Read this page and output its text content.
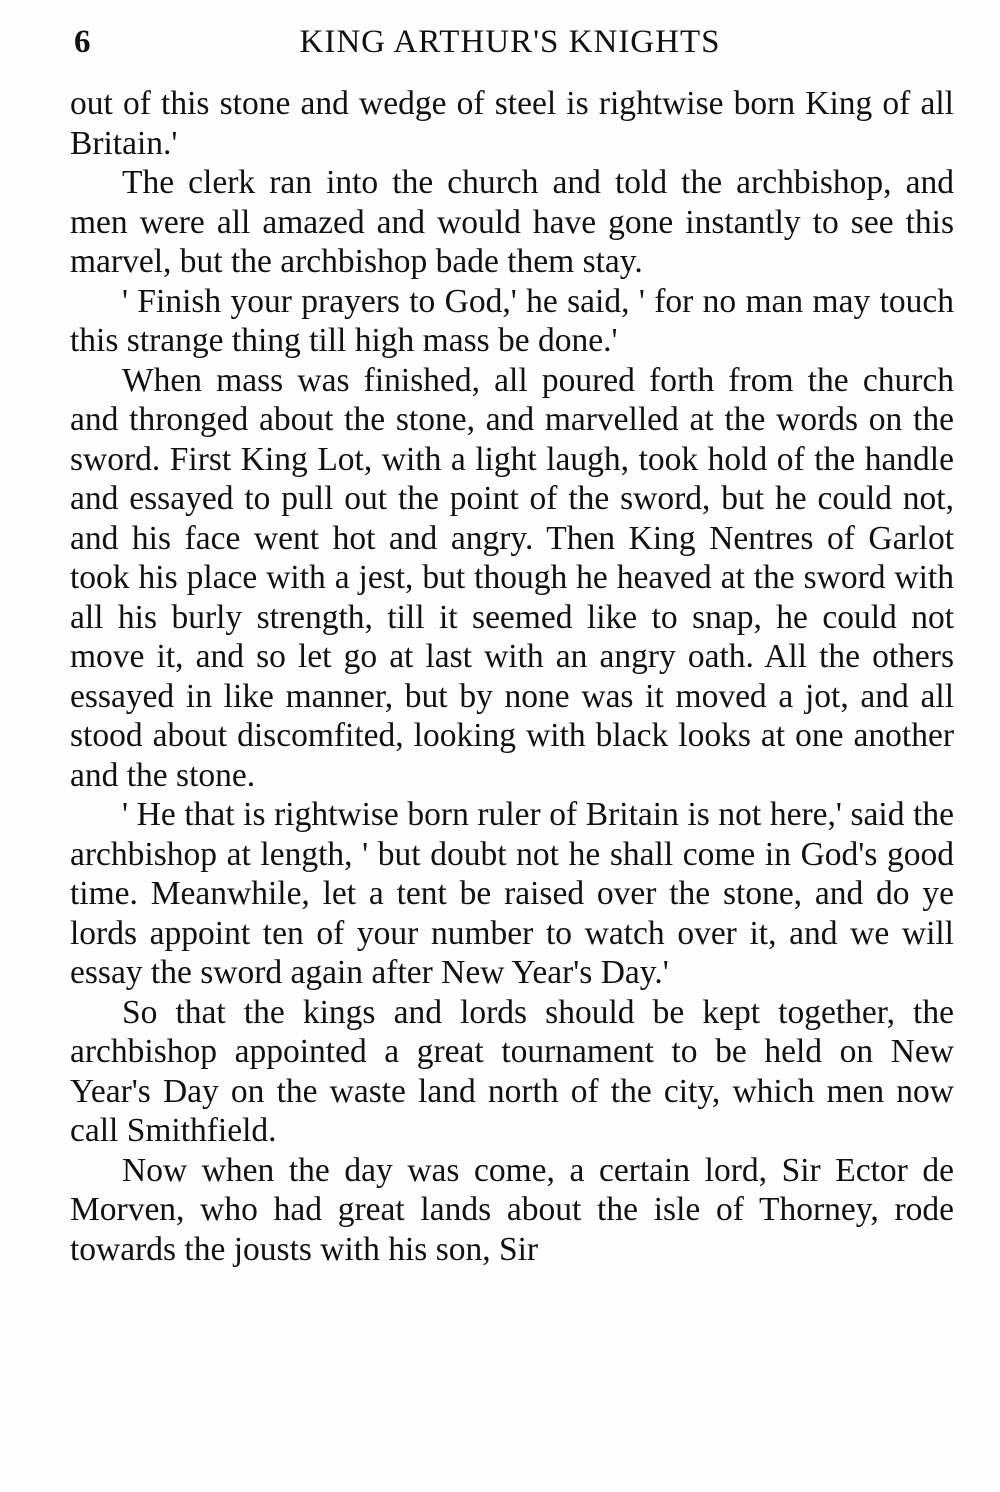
6	KING ARTHUR'S KNIGHTS

out of this stone and wedge of steel is rightwise born King of all Britain.'

The clerk ran into the church and told the archbishop, and men were all amazed and would have gone instantly to see this marvel, but the archbishop bade them stay.

' Finish your prayers to God,' he said, ' for no man may touch this strange thing till high mass be done.'

When mass was finished, all poured forth from the church and thronged about the stone, and marvelled at the words on the sword. First King Lot, with a light laugh, took hold of the handle and essayed to pull out the point of the sword, but he could not, and his face went hot and angry. Then King Nentres of Garlot took his place with a jest, but though he heaved at the sword with all his burly strength, till it seemed like to snap, he could not move it, and so let go at last with an angry oath. All the others essayed in like manner, but by none was it moved a jot, and all stood about discomfited, looking with black looks at one another and the stone.

' He that is rightwise born ruler of Britain is not here,' said the archbishop at length, ' but doubt not he shall come in God's good time. Meanwhile, let a tent be raised over the stone, and do ye lords appoint ten of your number to watch over it, and we will essay the sword again after New Year's Day.'

So that the kings and lords should be kept together, the archbishop appointed a great tournament to be held on New Year's Day on the waste land north of the city, which men now call Smithfield.

Now when the day was come, a certain lord, Sir Ector de Morven, who had great lands about the isle of Thorney, rode towards the jousts with his son, Sir
